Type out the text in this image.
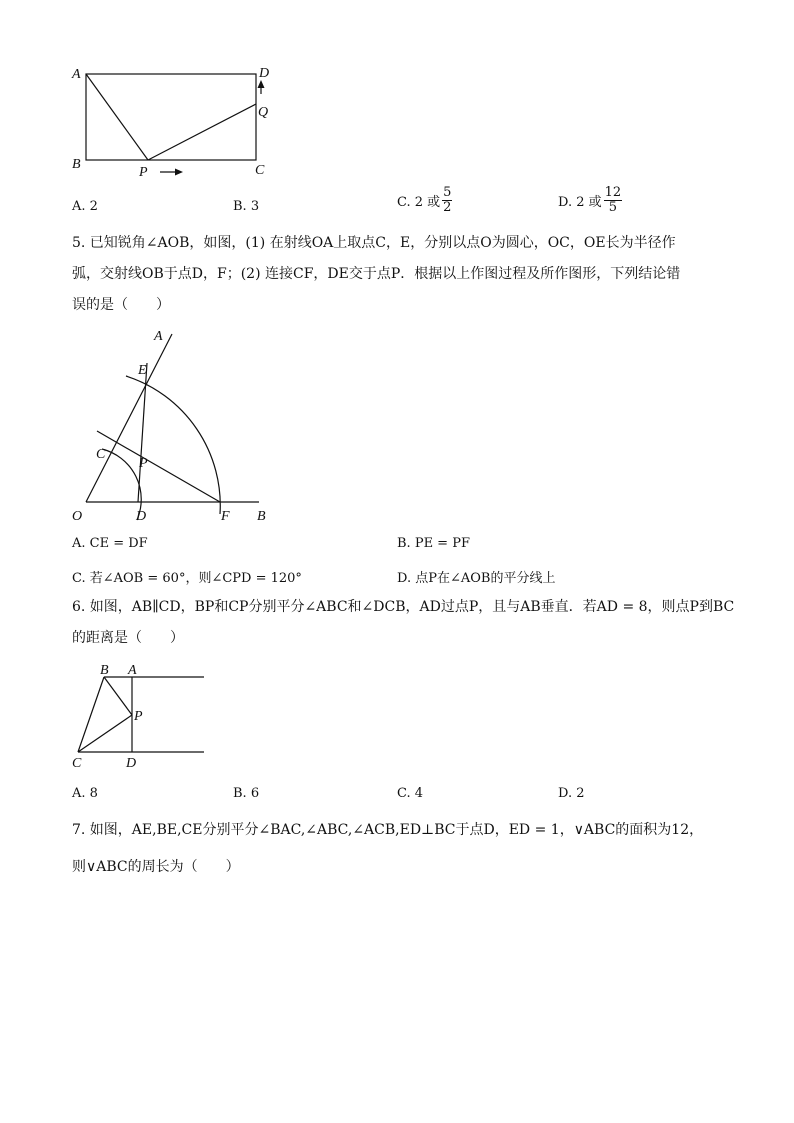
A	D
Q
B
P	C
A. 2	B. 3	C. 2 或 $\frac{5}{2}$	D. 2 或 $\frac{12}{5}$
5. 已知锐角∠AOB，如图，(1) 在射线OA上取点C，E，分别以点O为圆心，OC，OE长为半径作
弧，交射线OB于点D，F；(2) 连接CF，DE交于点P．根据以上作图过程及所作图形，下列结论错
误的是（　　）
A
E
C
P
O	D	F B
A. CE = DF	B. PE = PF
C. 若∠AOB = 60°，则∠CPD = 120°	D. 点P在∠AOB的平分线上
6. 如图，AB∥CD，BP和CP分别平分∠ABC和∠DCB，AD过点P，且与AB垂直．若AD = 8，则点P到BC
的距离是（　　）
B A
P
C	D
A. 8	B. 6	C. 4	D. 2
7. 如图，AE,BE,CE分别平分∠BAC,∠ABC,∠ACB,ED⊥BC于点D，ED = 1，∨ABC的面积为12，
则∨ABC的周长为（　　）
